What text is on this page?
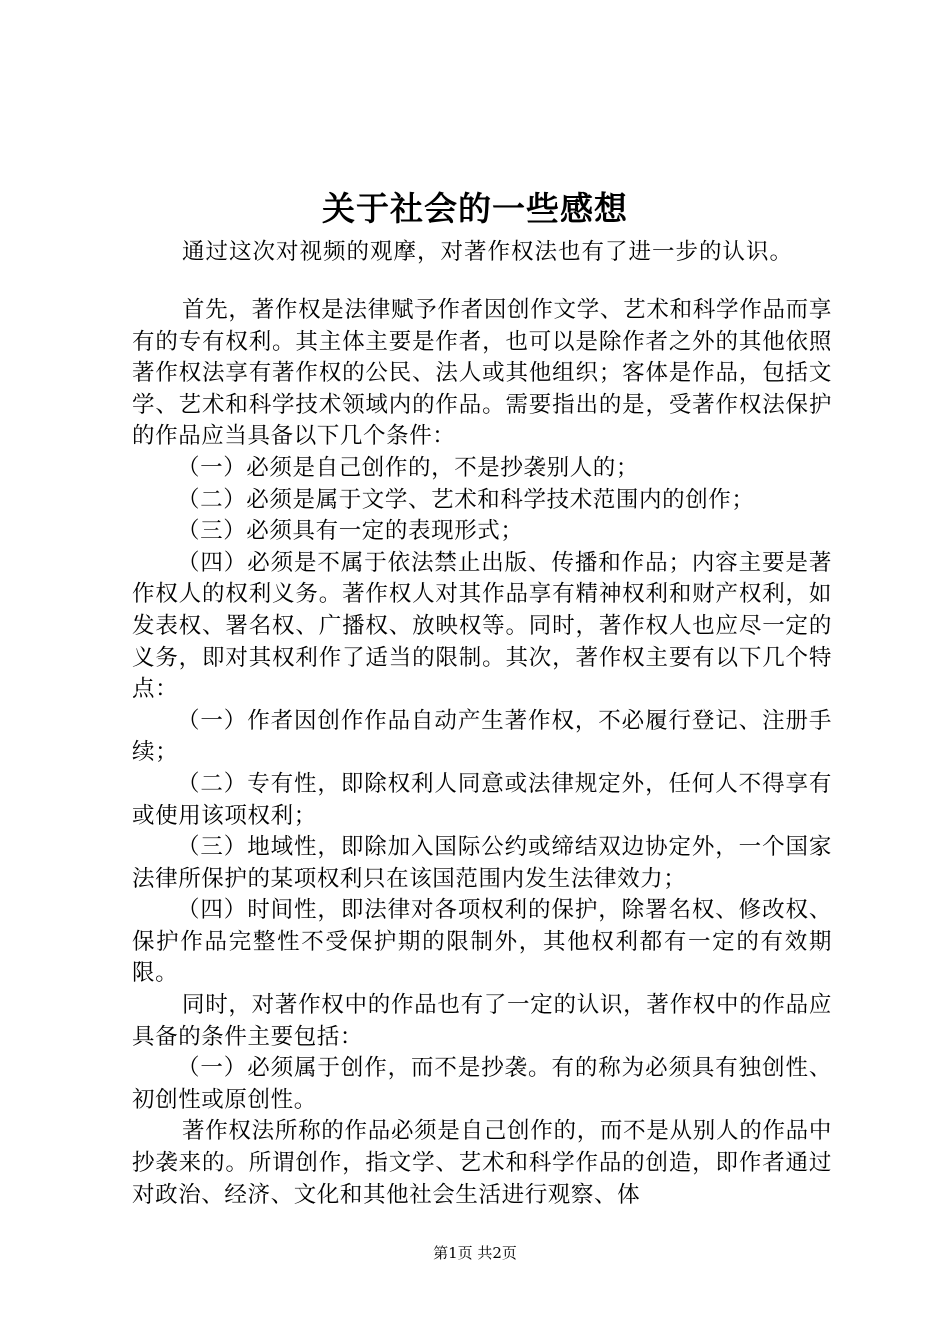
关于社会的一些感想
通过这次对视频的观摩，对著作权法也有了进一步的认识。

首先，著作权是法律赋予作者因创作文学、艺术和科学作品而享有的专有权利。其主体主要是作者，也可以是除作者之外的其他依照著作权法享有著作权的公民、法人或其他组织；客体是作品，包括文学、艺术和科学技术领域内的作品。需要指出的是，受著作权法保护的作品应当具备以下几个条件：

（一）必须是自己创作的，不是抄袭别人的；

（二）必须是属于文学、艺术和科学技术范围内的创作；

（三）必须具有一定的表现形式；

（四）必须是不属于依法禁止出版、传播和作品；内容主要是著作权人的权利义务。著作权人对其作品享有精神权利和财产权利，如发表权、署名权、广播权、放映权等。同时，著作权人也应尽一定的义务，即对其权利作了适当的限制。其次，著作权主要有以下几个特点：

（一）作者因创作作品自动产生著作权，不必履行登记、注册手续；

（二）专有性，即除权利人同意或法律规定外，任何人不得享有或使用该项权利；

（三）地域性，即除加入国际公约或缔结双边协定外，一个国家法律所保护的某项权利只在该国范围内发生法律效力；

（四）时间性，即法律对各项权利的保护，除署名权、修改权、保护作品完整性不受保护期的限制外，其他权利都有一定的有效期限。

同时，对著作权中的作品也有了一定的认识，著作权中的作品应具备的条件主要包括：

（一）必须属于创作，而不是抄袭。有的称为必须具有独创性、初创性或原创性。

著作权法所称的作品必须是自己创作的，而不是从别人的作品中抄袭来的。所谓创作，指文学、艺术和科学作品的创造，即作者通过对政治、经济、文化和其他社会生活进行观察、体

第1页 共2页
